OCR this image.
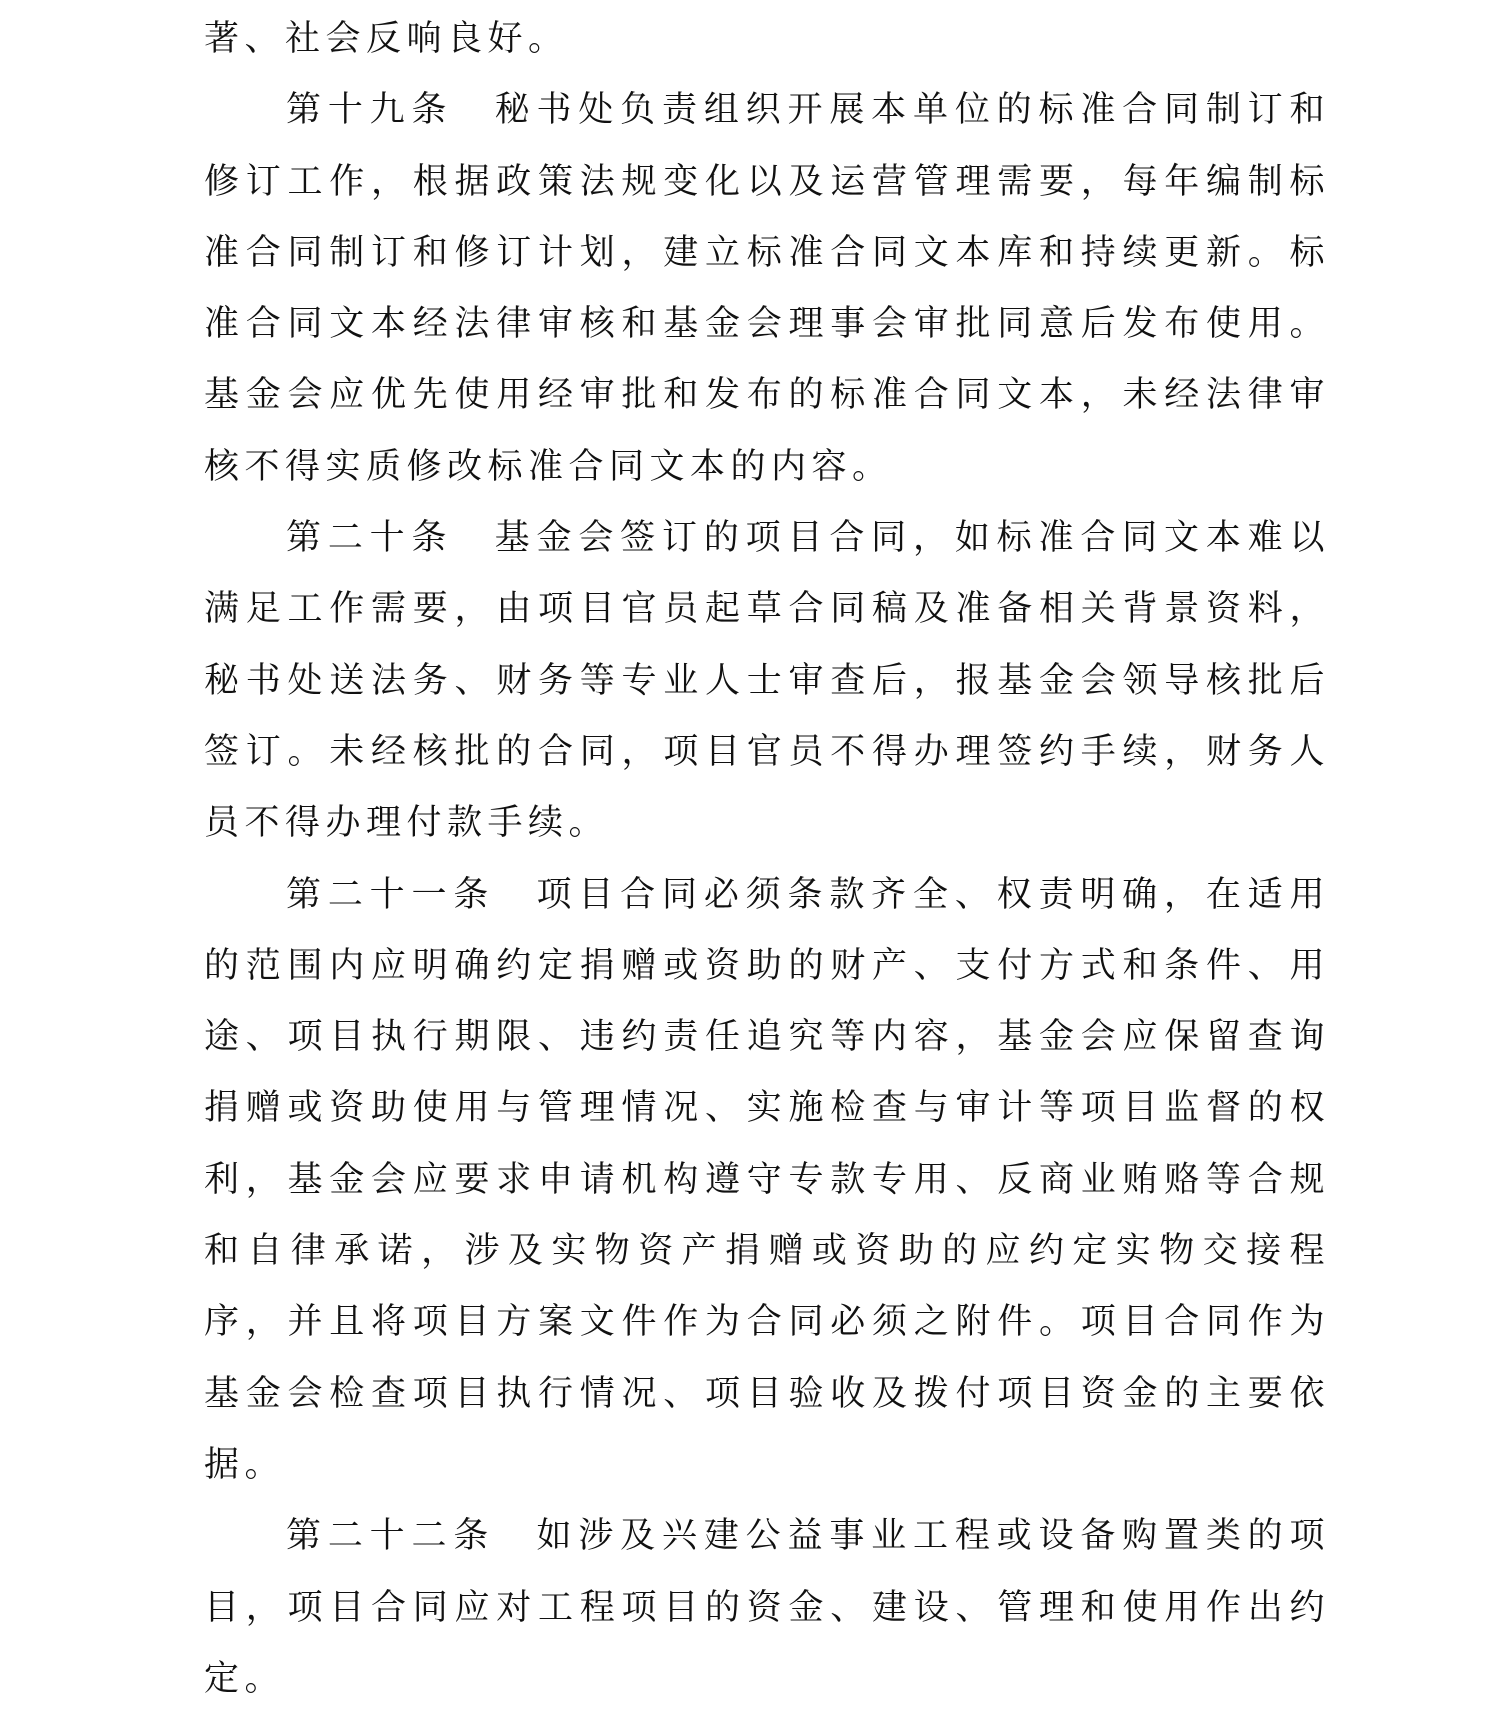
著、社会反响良好。

第十九条 秘书处负责组织开展本单位的标准合同制订和修订工作，根据政策法规变化以及运营管理需要，每年编制标准合同制订和修订计划，建立标准合同文本库和持续更新。标准合同文本经法律审核和基金会理事会审批同意后发布使用。基金会应优先使用经审批和发布的标准合同文本，未经法律审核不得实质修改标准合同文本的内容。

第二十条 基金会签订的项目合同，如标准合同文本难以满足工作需要，由项目官员起草合同稿及准备相关背景资料，秘书处送法务、财务等专业人士审查后，报基金会领导核批后签订。未经核批的合同，项目官员不得办理签约手续，财务人员不得办理付款手续。

第二十一条 项目合同必须条款齐全、权责明确，在适用的范围内应明确约定捐赠或资助的财产、支付方式和条件、用途、项目执行期限、违约责任追究等内容，基金会应保留查询捐赠或资助使用与管理情况、实施检查与审计等项目监督的权利，基金会应要求申请机构遵守专款专用、反商业贿赂等合规和自律承诺，涉及实物资产捐赠或资助的应约定实物交接程序，并且将项目方案文件作为合同必须之附件。项目合同作为基金会检查项目执行情况、项目验收及拨付项目资金的主要依据。

第二十二条 如涉及兴建公益事业工程或设备购置类的项目，项目合同应对工程项目的资金、建设、管理和使用作出约定。
